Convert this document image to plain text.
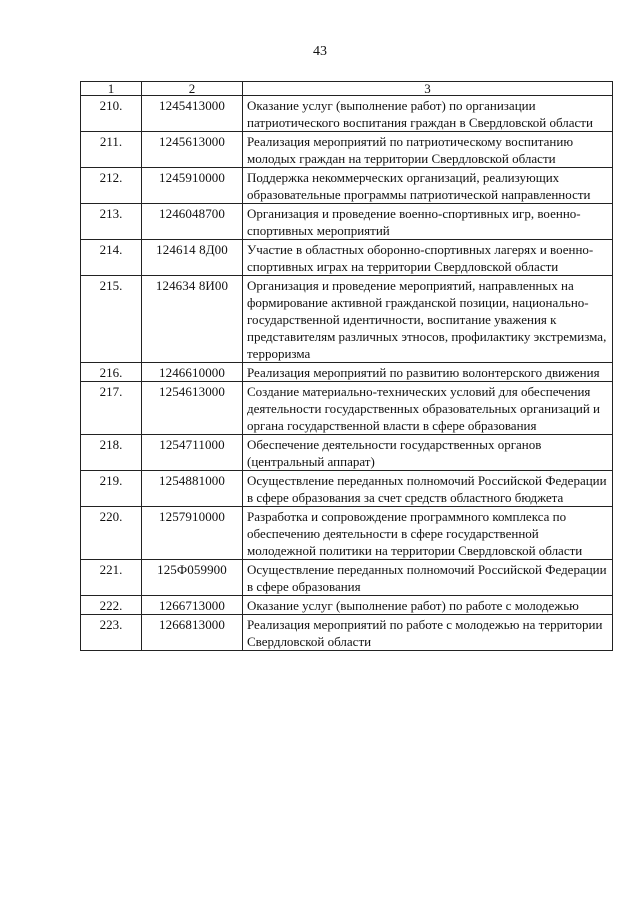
43
1	2	3
210.	1245413000	Оказание услуг (выполнение работ) по организации патриотического воспитания граждан в Свердловской области
211.	1245613000	Реализация мероприятий по патриотическому воспитанию молодых граждан на территории Свердловской области
212.	1245910000	Поддержка некоммерческих организаций, реализующих образовательные программы патриотической направленности
213.	1246048700	Организация и проведение военно-спортивных игр, военно-спортивных мероприятий
214.	124614 8Д00	Участие в областных оборонно-спортивных лагерях и военно-спортивных играх на территории Свердловской области
215.	124634 8И00	Организация и проведение мероприятий, направленных на формирование активной гражданской позиции, национально-государственной идентичности, воспитание уважения к представителям различных этносов, профилактику экстремизма, терроризма
216.	1246610000	Реализация мероприятий по развитию волонтерского движения
217.	1254613000	Создание материально-технических условий для обеспечения деятельности государственных образовательных организаций и органа государственной власти в сфере образования
218.	1254711000	Обеспечение деятельности государственных органов (центральный аппарат)
219.	1254881000	Осуществление переданных полномочий Российской Федерации в сфере образования за счет средств областного бюджета
220.	1257910000	Разработка и сопровождение программного комплекса по обеспечению деятельности в сфере государственной молодежной политики на территории Свердловской области
221.	125Ф059900	Осуществление переданных полномочий Российской Федерации в сфере образования
222.	1266713000	Оказание услуг (выполнение работ) по работе с молодежью
223.	1266813000	Реализация мероприятий по работе с молодежью на территории Свердловской области
